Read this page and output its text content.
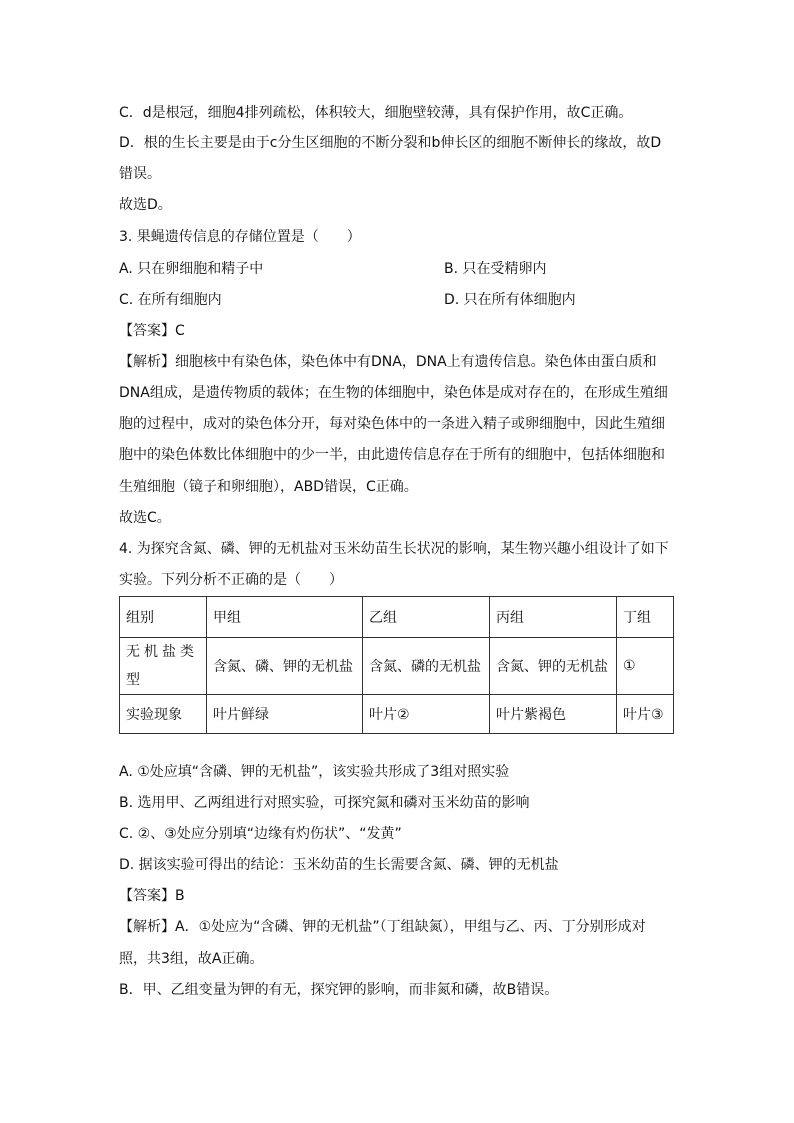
C．d是根冠，细胞4排列疏松，体积较大，细胞壁较薄，具有保护作用，故C正确。
D．根的生长主要是由于c分生区细胞的不断分裂和b伸长区的细胞不断伸长的缘故，故D
错误。
故选D。
3. 果蝇遗传信息的存储位置是（　　）
A. 只在卵细胞和精子中	B. 只在受精卵内
C. 在所有细胞内	D. 只在所有体细胞内
【答案】C
【解析】细胞核中有染色体，染色体中有DNA，DNA上有遗传信息。染色体由蛋白质和
DNA组成，是遗传物质的载体；在生物的体细胞中，染色体是成对存在的，在形成生殖细
胞的过程中，成对的染色体分开，每对染色体中的一条进入精子或卵细胞中，因此生殖细
胞中的染色体数比体细胞中的少一半，由此遗传信息存在于所有的细胞中，包括体细胞和
生殖细胞（镜子和卵细胞），ABD错误，C正确。
故选C。
4. 为探究含氮、磷、钾的无机盐对玉米幼苗生长状况的影响，某生物兴趣小组设计了如下
实验。下列分析不正确的是（　　）
组别	甲组	乙组	丙组	丁组
无机盐类型	含氮、磷、钾的无机盐	含氮、磷的无机盐	含氮、钾的无机盐	①
实验现象	叶片鲜绿	叶片②	叶片紫褐色	叶片③
A. ①处应填“含磷、钾的无机盐”，该实验共形成了3组对照实验
B. 选用甲、乙两组进行对照实验，可探究氮和磷对玉米幼苗的影响
C. ②、③处应分别填“边缘有灼伤状”、“发黄”
D. 据该实验可得出的结论：玉米幼苗的生长需要含氮、磷、钾的无机盐
【答案】B
【解析】A．①处应为“含磷、钾的无机盐”（丁组缺氮），甲组与乙、丙、丁分别形成对
照，共3组，故A正确。
B．甲、乙组变量为钾的有无，探究钾的影响，而非氮和磷，故B错误。
